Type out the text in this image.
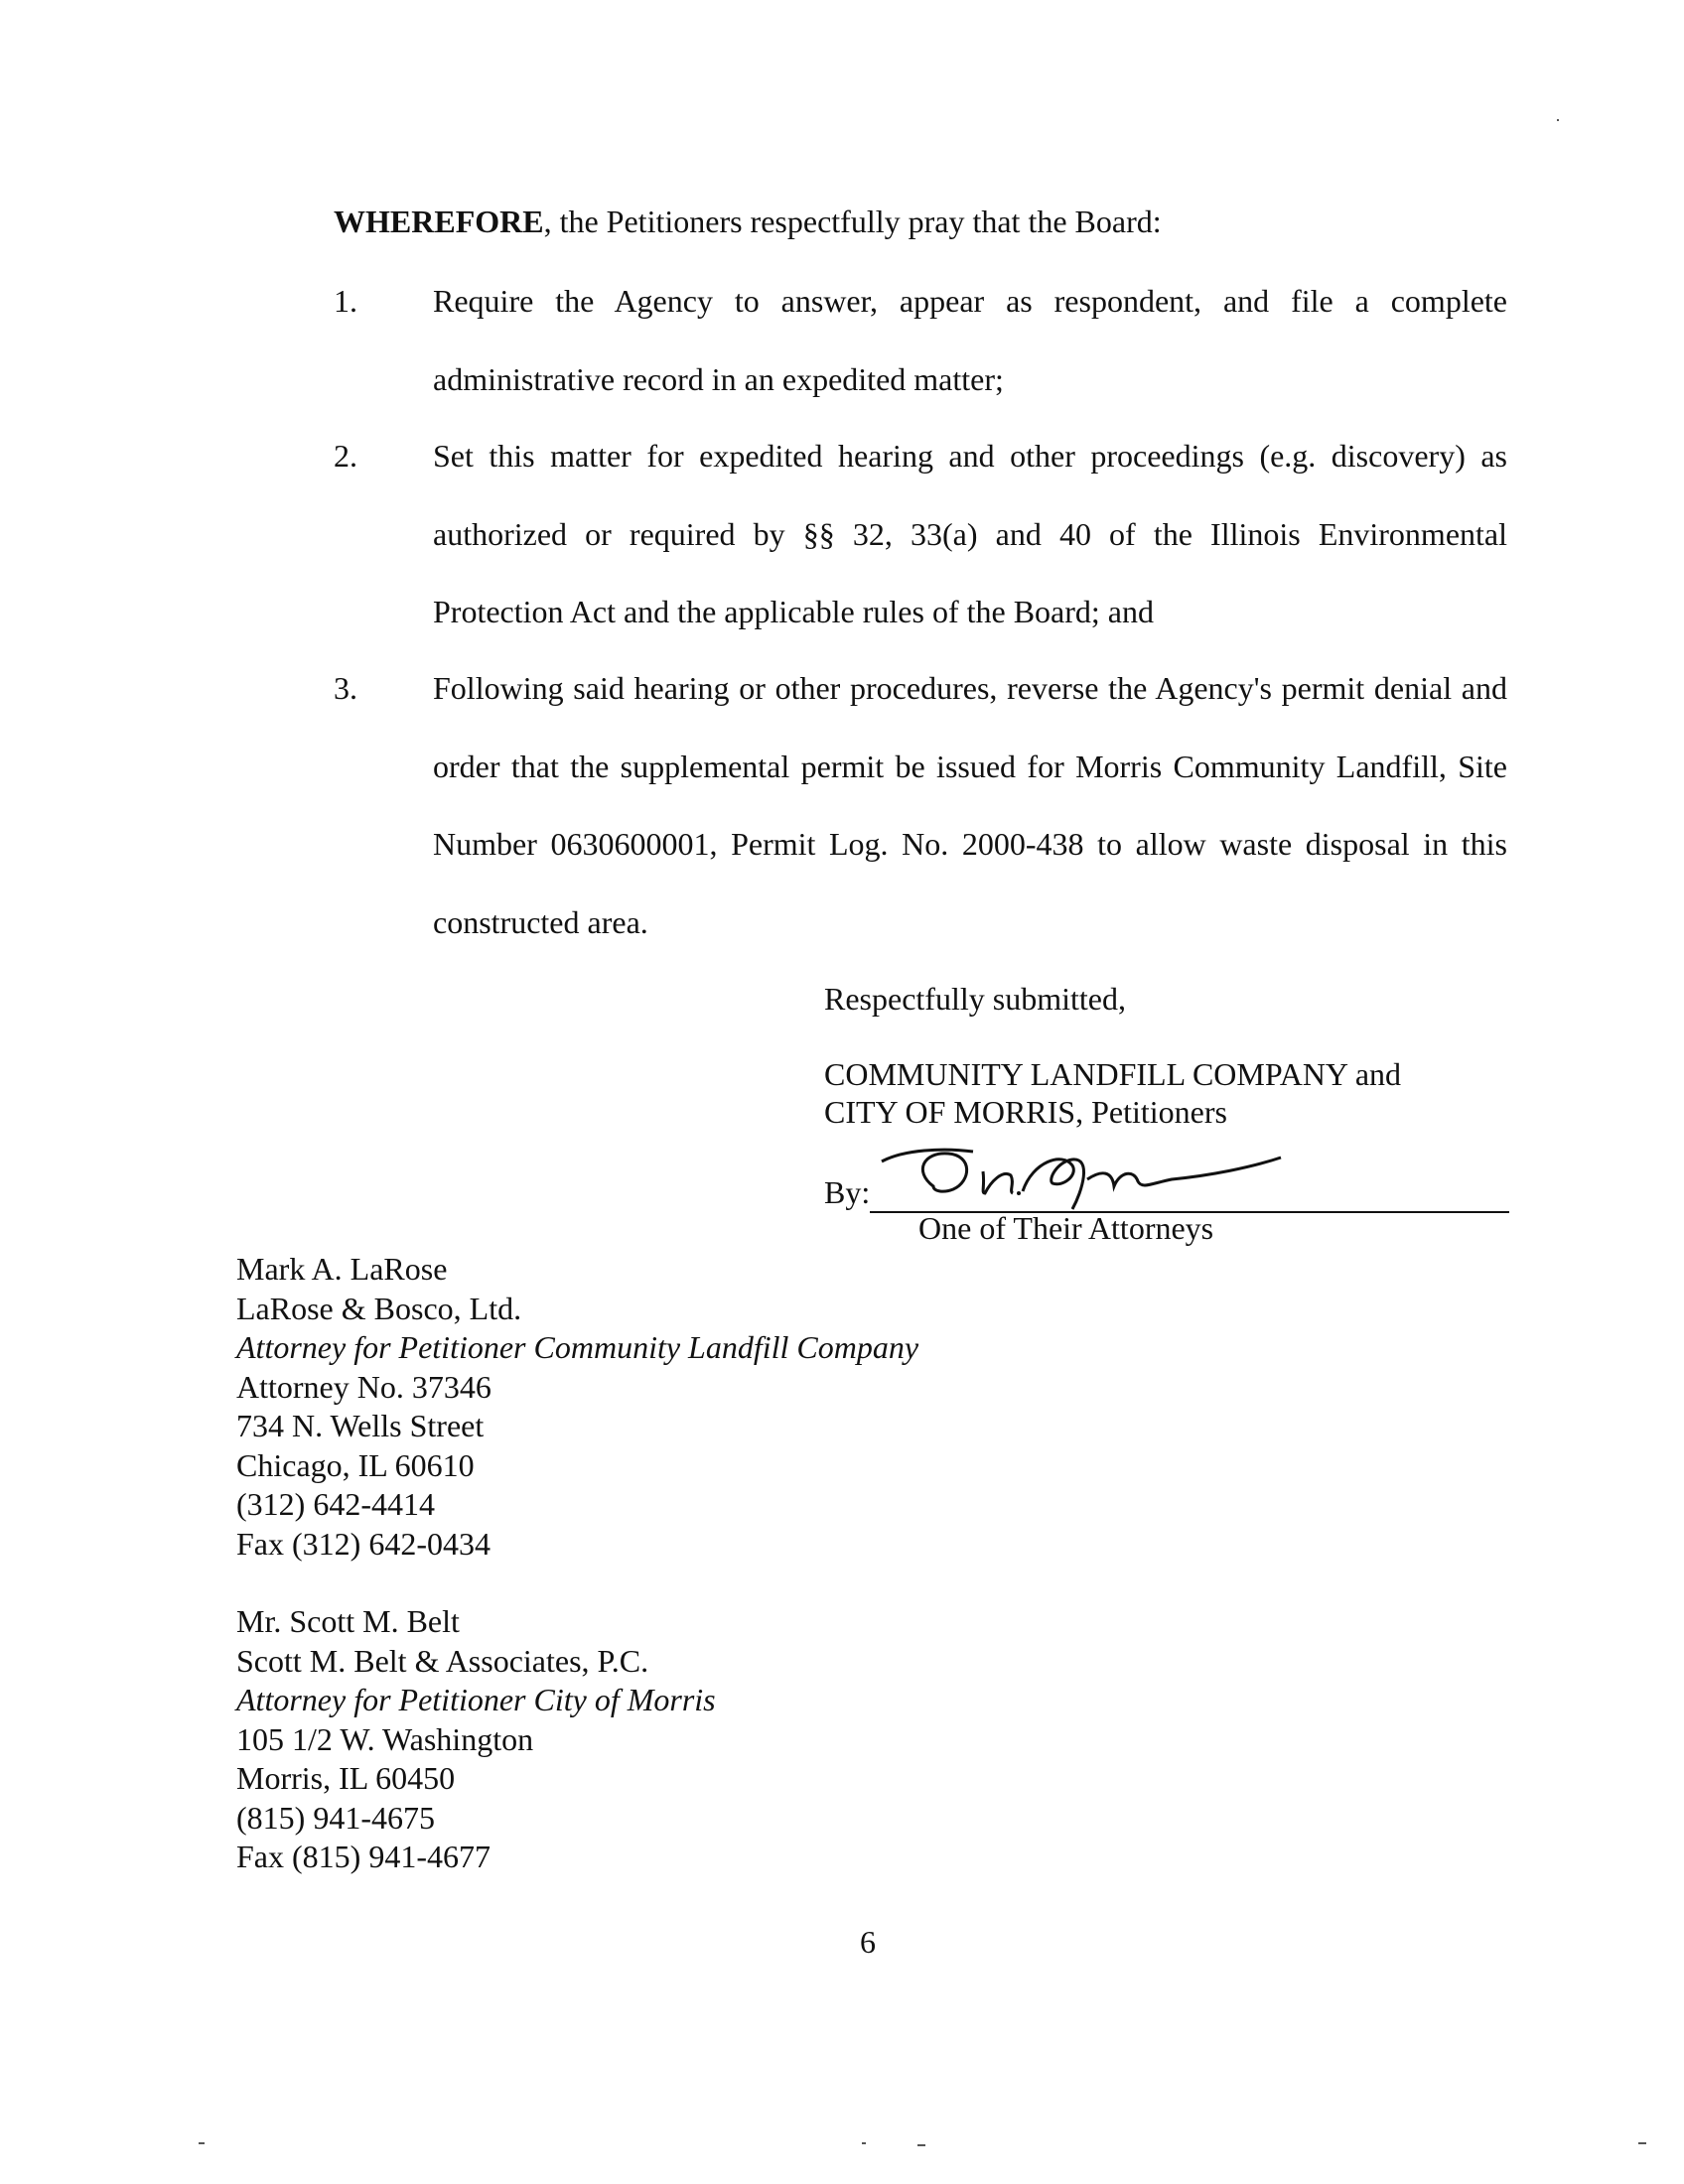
WHEREFORE, the Petitioners respectfully pray that the Board:
1. Require the Agency to answer, appear as respondent, and file a complete administrative record in an expedited matter;
2. Set this matter for expedited hearing and other proceedings (e.g. discovery) as authorized or required by §§ 32, 33(a) and 40 of the Illinois Environmental Protection Act and the applicable rules of the Board; and
3. Following said hearing or other procedures, reverse the Agency's permit denial and order that the supplemental permit be issued for Morris Community Landfill, Site Number 0630600001, Permit Log. No. 2000-438 to allow waste disposal in this constructed area.
Respectfully submitted,
COMMUNITY LANDFILL COMPANY and
CITY OF MORRIS, Petitioners
By:
One of Their Attorneys
Mark A. LaRose
LaRose & Bosco, Ltd.
Attorney for Petitioner Community Landfill Company
Attorney No. 37346
734 N. Wells Street
Chicago, IL 60610
(312) 642-4414
Fax (312) 642-0434
Mr. Scott M. Belt
Scott M. Belt & Associates, P.C.
Attorney for Petitioner City of Morris
105 1/2 W. Washington
Morris, IL 60450
(815) 941-4675
Fax (815) 941-4677
6
